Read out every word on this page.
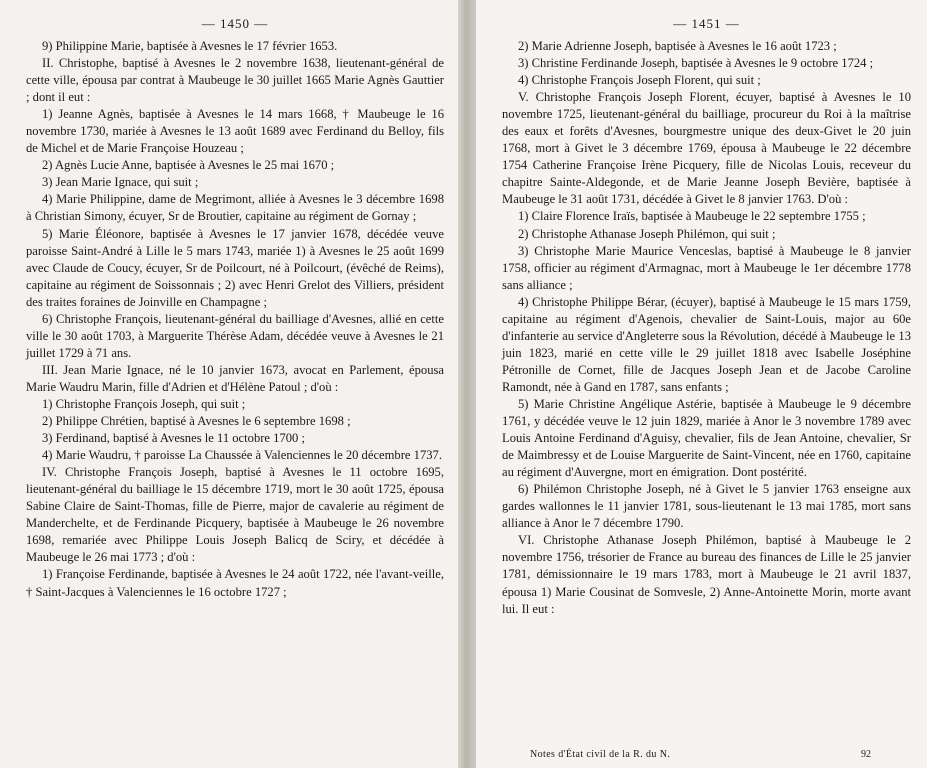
— 1450 —

9) Philippine Marie, baptisée à Avesnes le 17 février 1653.

II. Christophe, baptisé à Avesnes le 2 novembre 1638, lieutenant-général de cette ville, épousa par contrat à Maubeuge le 30 juillet 1665 Marie Agnès Gauttier ; dont il eut :

1) Jeanne Agnès, baptisée à Avesnes le 14 mars 1668, † Maubeuge le 16 novembre 1730, mariée à Avesnes le 13 août 1689 avec Ferdinand du Belloy, fils de Michel et de Marie Françoise Houzeau ;

2) Agnès Lucie Anne, baptisée à Avesnes le 25 mai 1670 ;

3) Jean Marie Ignace, qui suit ;

4) Marie Philippine, dame de Megrimont, alliée à Avesnes le 3 décembre 1698 à Christian Simony, écuyer, Sr de Broutier, capitaine au régiment de Gornay ;

5) Marie Éléonore, baptisée à Avesnes le 17 janvier 1678, décédée veuve paroisse Saint-André à Lille le 5 mars 1743, mariée 1) à Avesnes le 25 août 1699 avec Claude de Coucy, écuyer, Sr de Poilcourt, né à Poilcourt, (évêché de Reims), capitaine au régiment de Soissonnais ; 2) avec Henri Grelot des Villiers, président des traites foraines de Joinville en Champagne ;

6) Christophe François, lieutenant-général du bailliage d'Avesnes, allié en cette ville le 30 août 1703, à Marguerite Thérèse Adam, décédée veuve à Avesnes le 21 juillet 1729 à 71 ans.

III. Jean Marie Ignace, né le 10 janvier 1673, avocat en Parlement, épousa Marie Waudru Marin, fille d'Adrien et d'Hélène Patoul ; d'où :

1) Christophe François Joseph, qui suit ;

2) Philippe Chrétien, baptisé à Avesnes le 6 septembre 1698 ;

3) Ferdinand, baptisé à Avesnes le 11 octobre 1700 ;

4) Marie Waudru, † paroisse La Chaussée à Valenciennes le 20 décembre 1737.

IV. Christophe François Joseph, baptisé à Avesnes le 11 octobre 1695, lieutenant-général du bailliage le 15 décembre 1719, mort le 30 août 1725, épousa Sabine Claire de Saint-Thomas, fille de Pierre, major de cavalerie au régiment de Manderchelte, et de Ferdinande Picquery, baptisée à Maubeuge le 26 novembre 1698, remariée avec Philippe Louis Joseph Balicq de Sciry, et décédée à Maubeuge le 26 mai 1773 ; d'où :

1) Françoise Ferdinande, baptisée à Avesnes le 24 août 1722, née l'avant-veille, † Saint-Jacques à Valenciennes le 16 octobre 1727 ;

— 1451 —

2) Marie Adrienne Joseph, baptisée à Avesnes le 16 août 1723 ;

3) Christine Ferdinande Joseph, baptisée à Avesnes le 9 octobre 1724 ;

4) Christophe François Joseph Florent, qui suit ;

V. Christophe François Joseph Florent, écuyer, baptisé à Avesnes le 10 novembre 1725, lieutenant-général du bailliage, procureur du Roi à la maîtrise des eaux et forêts d'Avesnes, bourgmestre unique des deux-Givet le 20 juin 1768, mort à Givet le 3 décembre 1769, épousa à Maubeuge le 22 décembre 1754 Catherine Françoise Irène Picquery, fille de Nicolas Louis, receveur du chapitre Sainte-Aldegonde, et de Marie Jeanne Joseph Bevière, baptisée à Maubeuge le 31 août 1731, décédée à Givet le 8 janvier 1763. D'où :

1) Claire Florence Iraïs, baptisée à Maubeuge le 22 septembre 1755 ;

2) Christophe Athanase Joseph Philémon, qui suit ;

3) Christophe Marie Maurice Venceslas, baptisé à Maubeuge le 8 janvier 1758, officier au régiment d'Armagnac, mort à Maubeuge le 1er décembre 1778 sans alliance ;

4) Christophe Philippe Bérar, (écuyer), baptisé à Maubeuge le 15 mars 1759, capitaine au régiment d'Agenois, chevalier de Saint-Louis, major au 60e d'infanterie au service d'Angleterre sous la Révolution, décédé à Maubeuge le 13 juin 1823, marié en cette ville le 29 juillet 1818 avec Isabelle Joséphine Pétronille de Cornet, fille de Jacques Joseph Jean et de Jacobe Caroline Ramondt, née à Gand en 1787, sans enfants ;

5) Marie Christine Angélique Astérie, baptisée à Maubeuge le 9 décembre 1761, y décédée veuve le 12 juin 1829, mariée à Anor le 3 novembre 1789 avec Louis Antoine Ferdinand d'Aguisy, chevalier, fils de Jean Antoine, chevalier, Sr de Maimbressy et de Louise Marguerite de Saint-Vincent, née en 1760, capitaine au régiment d'Auvergne, mort en émigration. Dont postérité.

6) Philémon Christophe Joseph, né à Givet le 5 janvier 1763 enseigne aux gardes wallonnes le 11 janvier 1781, sous-lieutenant le 13 mai 1785, mort sans alliance à Anor le 7 décembre 1790.

VI. Christophe Athanase Joseph Philémon, baptisé à Maubeuge le 2 novembre 1756, trésorier de France au bureau des finances de Lille le 25 janvier 1781, démissionnaire le 19 mars 1783, mort à Maubeuge le 21 avril 1837, épousa 1) Marie Cousinat de Somvesle, 2) Anne-Antoinette Morin, morte avant lui. Il eut :

Notes d'État civil de la R. du N.	92
